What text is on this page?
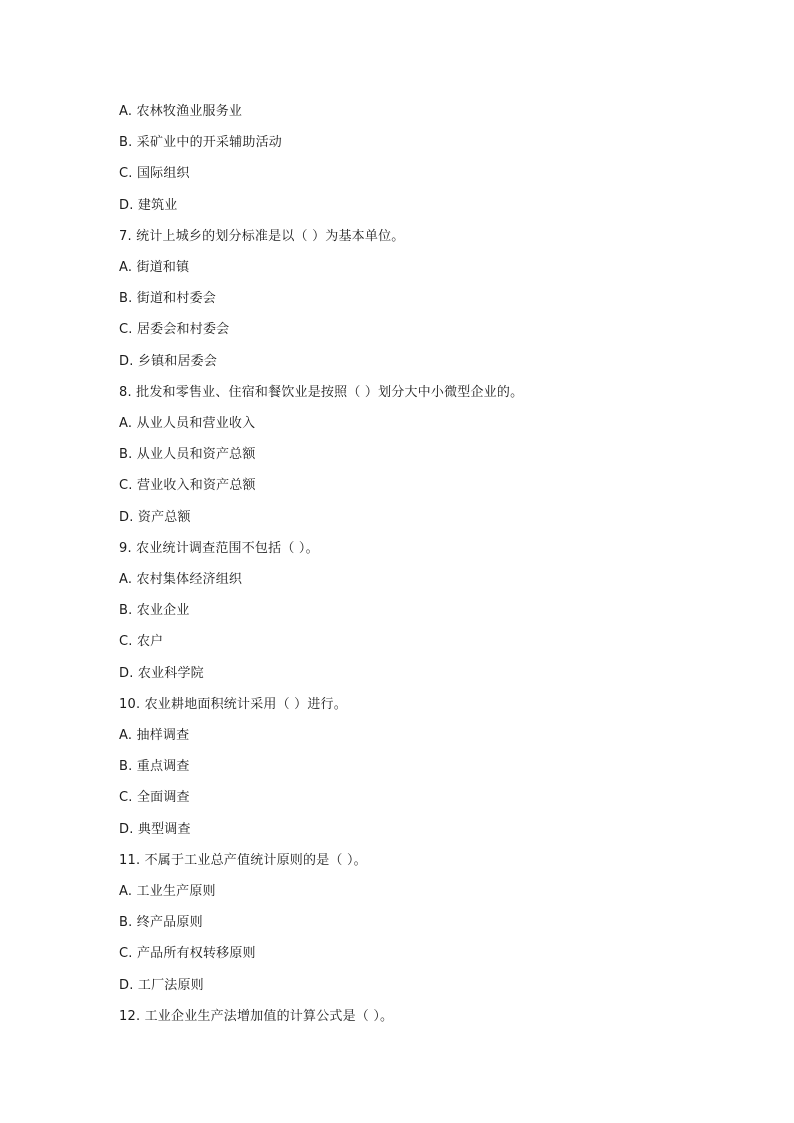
A. 农林牧渔业服务业
B. 采矿业中的开采辅助活动
C. 国际组织
D. 建筑业
7. 统计上城乡的划分标准是以（ ）为基本单位。
A. 街道和镇
B. 街道和村委会
C. 居委会和村委会
D. 乡镇和居委会
8. 批发和零售业、住宿和餐饮业是按照（ ）划分大中小微型企业的。
A. 从业人员和营业收入
B. 从业人员和资产总额
C. 营业收入和资产总额
D. 资产总额
9. 农业统计调查范围不包括（ ）。
A. 农村集体经济组织
B. 农业企业
C. 农户
D. 农业科学院
10. 农业耕地面积统计采用（ ）进行。
A. 抽样调查
B. 重点调查
C. 全面调查
D. 典型调查
11. 不属于工业总产值统计原则的是（ ）。
A. 工业生产原则
B. 终产品原则
C. 产品所有权转移原则
D. 工厂法原则
12. 工业企业生产法增加值的计算公式是（ ）。
